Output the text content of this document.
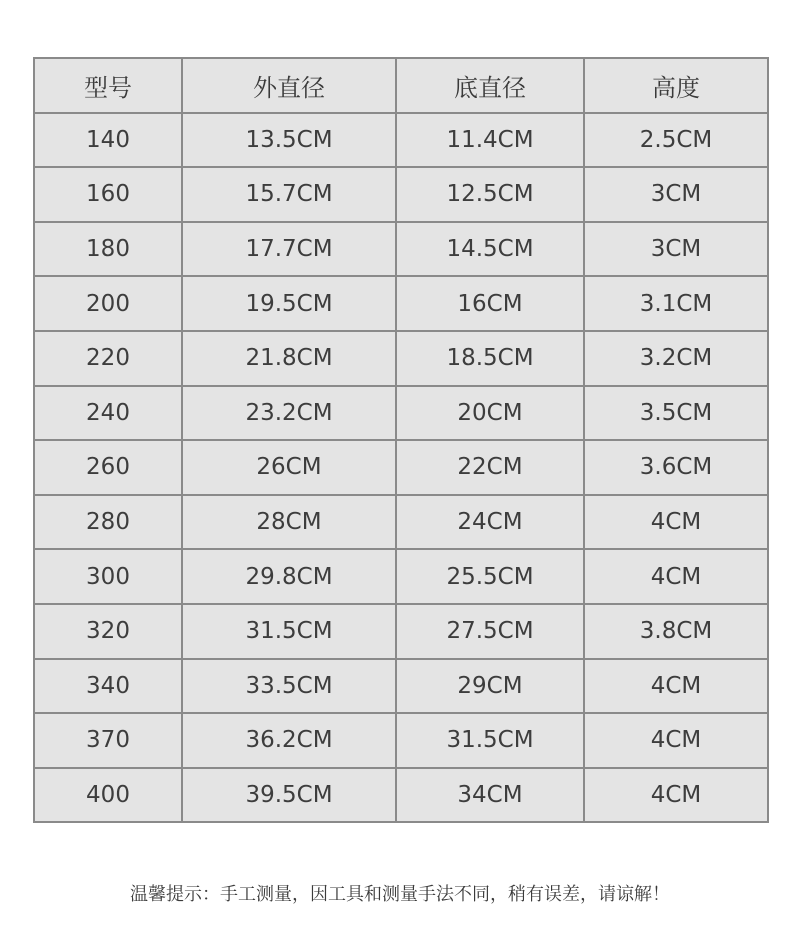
型号	外直径	底直径	高度
140	13.5CM	11.4CM	2.5CM
160	15.7CM	12.5CM	3CM
180	17.7CM	14.5CM	3CM
200	19.5CM	16CM	3.1CM
220	21.8CM	18.5CM	3.2CM
240	23.2CM	20CM	3.5CM
260	26CM	22CM	3.6CM
280	28CM	24CM	4CM
300	29.8CM	25.5CM	4CM
320	31.5CM	27.5CM	3.8CM
340	33.5CM	29CM	4CM
370	36.2CM	31.5CM	4CM
400	39.5CM	34CM	4CM
温馨提示：手工测量，因工具和测量手法不同，稍有误差，请谅解！
